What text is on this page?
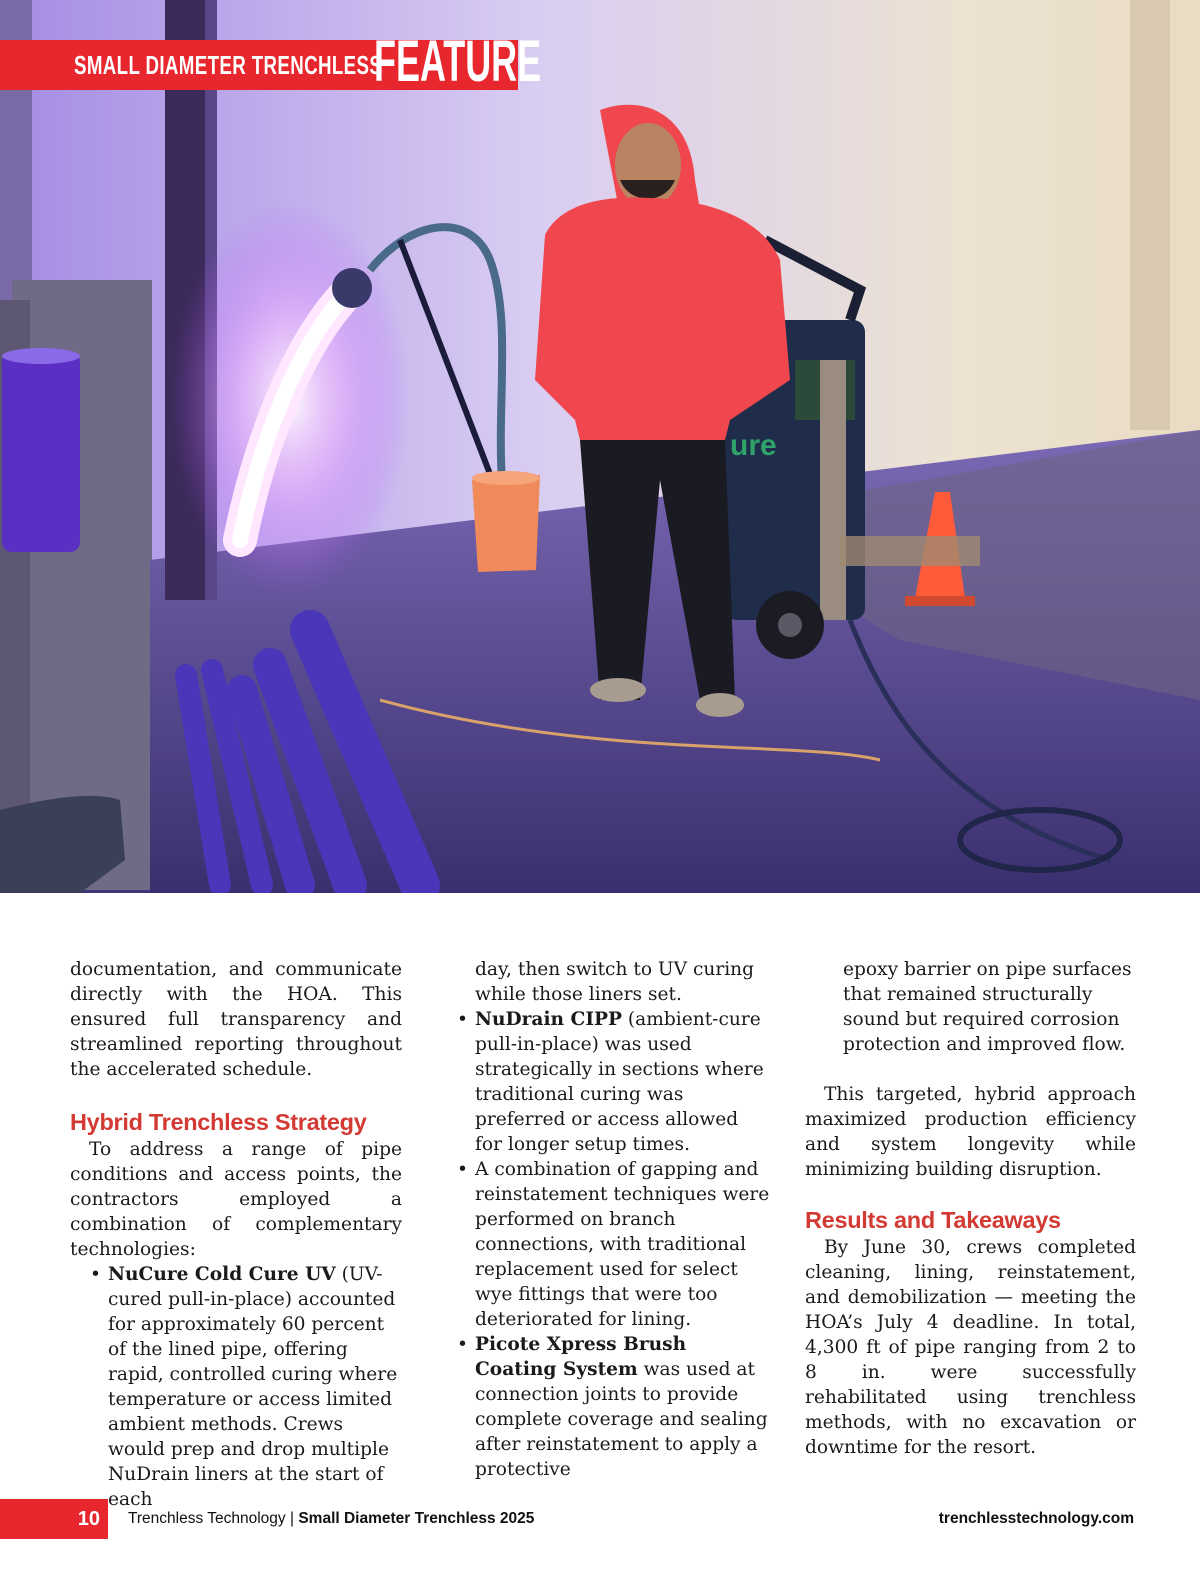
ure
SMALL DIAMETER TRENCHLESS
FEATURE

documentation, and communicate directly with the HOA. This ensured full transparency and streamlined reporting throughout the accelerated schedule.

Hybrid Trenchless Strategy

To address a range of pipe conditions and access points, the contractors employed a combination of complementary technologies:

• NuCure Cold Cure UV (UV-cured pull-in-place) accounted for approximately 60 percent of the lined pipe, offering rapid, controlled curing where temperature or access limited ambient methods. Crews would prep and drop multiple NuDrain liners at the start of each
day, then switch to UV curing while those liners set.
• NuDrain CIPP (ambient-cure pull-in-place) was used strategically in sections where traditional curing was preferred or access allowed for longer setup times.
• A combination of gapping and reinstatement techniques were performed on branch connections, with traditional replacement used for select wye fittings that were too deteriorated for lining.
• Picote Xpress Brush Coating System was used at connection joints to provide complete coverage and sealing after reinstatement to apply a protective
epoxy barrier on pipe surfaces that remained structurally sound but required corrosion protection and improved flow.

This targeted, hybrid approach maximized production efficiency and system longevity while minimizing building disruption.

Results and Takeaways

By June 30, crews completed cleaning, lining, reinstatement, and demobilization — meeting the HOA’s July 4 deadline. In total, 4,300 ft of pipe ranging from 2 to 8 in. were successfully rehabilitated using trenchless methods, with no excavation or downtime for the resort.

10 Trenchless Technology | Small Diameter Trenchless 2025	trenchlesstechnology.com
